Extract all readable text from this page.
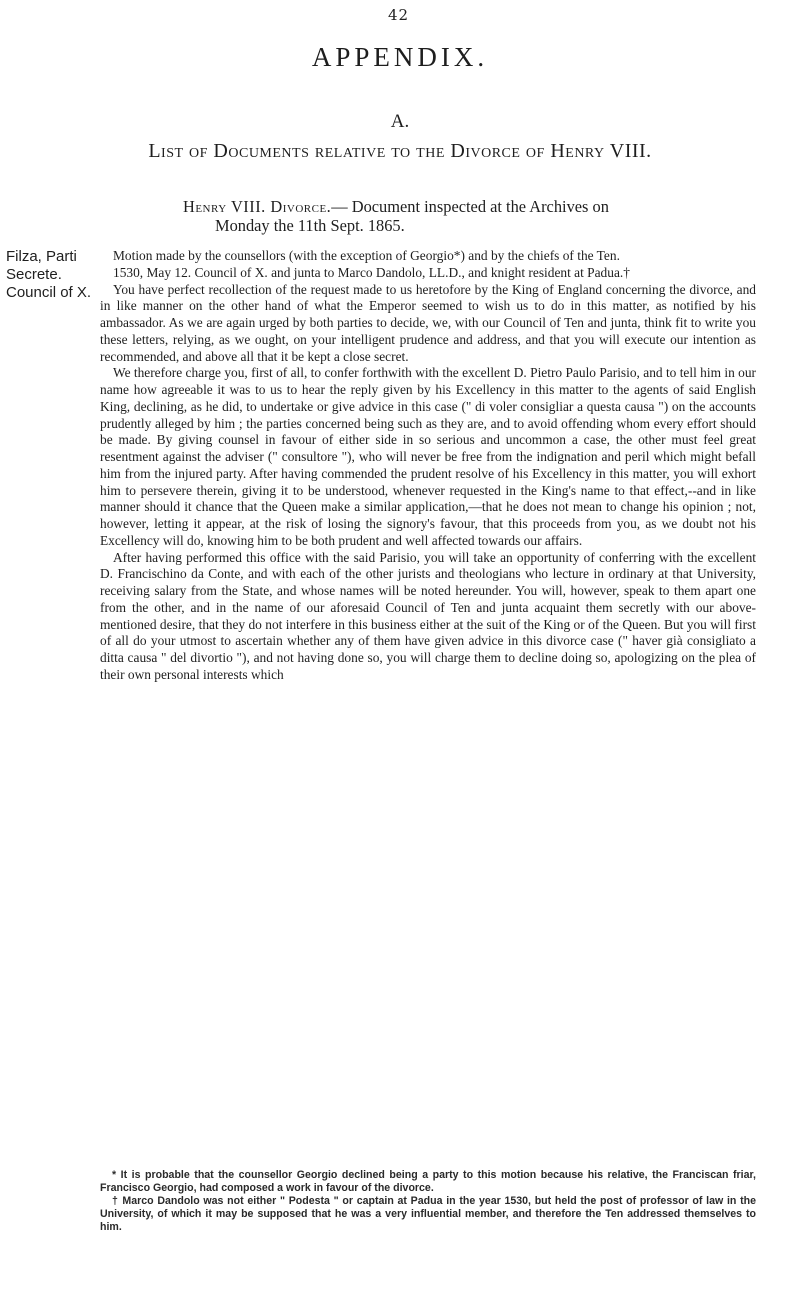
42
APPENDIX.
A.
List of Documents relative to the Divorce of Henry VIII.
Henry VIII. Divorce.— Document inspected at the Archives on
Monday the 11th Sept. 1865.
Filza, Parti
Secrete.
Council of X.

Motion made by the counsellors (with the exception of Georgio*) and by the chiefs of the Ten.

1530, May 12. Council of X. and junta to Marco Dandolo, LL.D., and knight resident at Padua.†

You have perfect recollection of the request made to us heretofore by the King of England concerning the divorce, and in like manner on the other hand of what the Emperor seemed to wish us to do in this matter, as notified by his ambassador. As we are again urged by both parties to decide, we, with our Council of Ten and junta, think fit to write you these letters, relying, as we ought, on your intelligent prudence and address, and that you will execute our intention as recommended, and above all that it be kept a close secret.

We therefore charge you, first of all, to confer forthwith with the excellent D. Pietro Paulo Parisio, and to tell him in our name how agreeable it was to us to hear the reply given by his Excellency in this matter to the agents of said English King, declining, as he did, to undertake or give advice in this case (" di voler consigliar a questa causa ") on the accounts prudently alleged by him ; the parties concerned being such as they are, and to avoid offending whom every effort should be made. By giving counsel in favour of either side in so serious and uncommon a case, the other must feel great resentment against the adviser (" consultore "), who will never be free from the indignation and peril which might befall him from the injured party. After having commended the prudent resolve of his Excellency in this matter, you will exhort him to persevere therein, giving it to be understood, whenever requested in the King's name to that effect,--and in like manner should it chance that the Queen make a similar application,—that he does not mean to change his opinion ; not, however, letting it appear, at the risk of losing the signory's favour, that this proceeds from you, as we doubt not his Excellency will do, knowing him to be both prudent and well affected towards our affairs.

After having performed this office with the said Parisio, you will take an opportunity of conferring with the excellent D. Francischino da Conte, and with each of the other jurists and theologians who lecture in ordinary at that University, receiving salary from the State, and whose names will be noted hereunder. You will, however, speak to them apart one from the other, and in the name of our aforesaid Council of Ten and junta acquaint them secretly with our above-mentioned desire, that they do not interfere in this business either at the suit of the King or of the Queen. But you will first of all do your utmost to ascertain whether any of them have given advice in this divorce case (" haver già consigliato a ditta causa " del divortio "), and not having done so, you will charge them to decline doing so, apologizing on the plea of their own personal interests which

* It is probable that the counsellor Georgio declined being a party to this motion because his relative, the Franciscan friar, Francisco Georgio, had composed a work in favour of the divorce.

† Marco Dandolo was not either " Podesta " or captain at Padua in the year 1530, but held the post of professor of law in the University, of which it may be supposed that he was a very influential member, and therefore the Ten addressed themselves to him.
